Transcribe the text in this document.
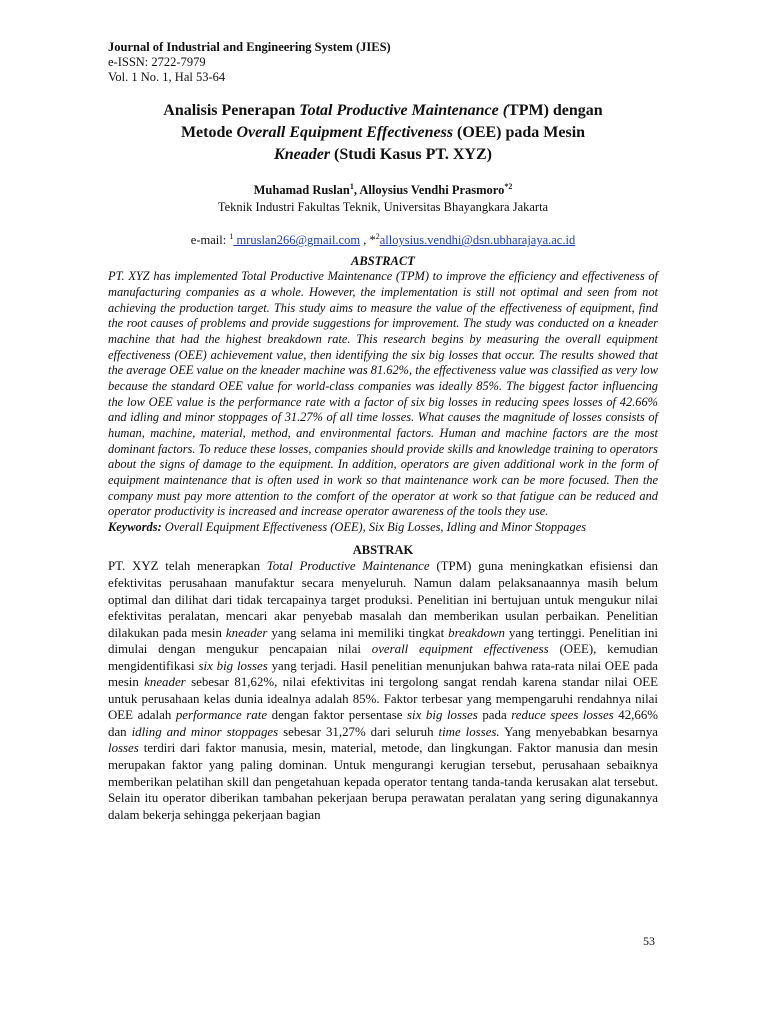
Journal of Industrial and Engineering System (JIES)
e-ISSN: 2722-7979
Vol. 1 No. 1, Hal 53-64
Analisis Penerapan Total Productive Maintenance (TPM) dengan
Metode Overall Equipment Effectiveness (OEE) pada Mesin
Kneader (Studi Kasus PT. XYZ)
Muhamad Ruslan$^1$, Alloysius Vendhi Prasmoro$^{*2}$
Teknik Industri Fakultas Teknik, Universitas Bhayangkara Jakarta
e-mail: $^1$ mruslan266@gmail.com , *$^2$alloysius.vendhi@dsn.ubharajaya.ac.id
ABSTRACT
PT. XYZ has implemented Total Productive Maintenance (TPM) to improve the efficiency and effectiveness of manufacturing companies as a whole. However, the implementation is still not optimal and seen from not achieving the production target. This study aims to measure the value of the effectiveness of equipment, find the root causes of problems and provide suggestions for improvement. The study was conducted on a kneader machine that had the highest breakdown rate. This research begins by measuring the overall equipment effectiveness (OEE) achievement value, then identifying the six big losses that occur. The results showed that the average OEE value on the kneader machine was 81.62%, the effectiveness value was classified as very low because the standard OEE value for world-class companies was ideally 85%. The biggest factor influencing the low OEE value is the performance rate with a factor of six big losses in reducing spees losses of 42.66% and idling and minor stoppages of 31.27% of all time losses. What causes the magnitude of losses consists of human, machine, material, method, and environmental factors. Human and machine factors are the most dominant factors. To reduce these losses, companies should provide skills and knowledge training to operators about the signs of damage to the equipment. In addition, operators are given additional work in the form of equipment maintenance that is often used in work so that maintenance work can be more focused. Then the company must pay more attention to the comfort of the operator at work so that fatigue can be reduced and operator productivity is increased and increase operator awareness of the tools they use.
Keywords: Overall Equipment Effectiveness (OEE), Six Big Losses, Idling and Minor Stoppages
ABSTRAK
PT. XYZ telah menerapkan Total Productive Maintenance (TPM) guna meningkatkan efisiensi dan efektivitas perusahaan manufaktur secara menyeluruh. Namun dalam pelaksanaannya masih belum optimal dan dilihat dari tidak tercapainya target produksi. Penelitian ini bertujuan untuk mengukur nilai efektivitas peralatan, mencari akar penyebab masalah dan memberikan usulan perbaikan. Penelitian dilakukan pada mesin kneader yang selama ini memiliki tingkat breakdown yang tertinggi. Penelitian ini dimulai dengan mengukur pencapaian nilai overall equipment effectiveness (OEE), kemudian mengidentifikasi six big losses yang terjadi. Hasil penelitian menunjukan bahwa rata-rata nilai OEE pada mesin kneader sebesar 81,62%, nilai efektivitas ini tergolong sangat rendah karena standar nilai OEE untuk perusahaan kelas dunia idealnya adalah 85%. Faktor terbesar yang mempengaruhi rendahnya nilai OEE adalah performance rate dengan faktor persentase six big losses pada reduce spees losses 42,66% dan idling and minor stoppages sebesar 31,27% dari seluruh time losses. Yang menyebabkan besarnya losses terdiri dari faktor manusia, mesin, material, metode, dan lingkungan. Faktor manusia dan mesin merupakan faktor yang paling dominan. Untuk mengurangi kerugian tersebut, perusahaan sebaiknya memberikan pelatihan skill dan pengetahuan kepada operator tentang tanda-tanda kerusakan alat tersebut. Selain itu operator diberikan tambahan pekerjaan berupa perawatan peralatan yang sering digunakannya dalam bekerja sehingga pekerjaan bagian
53
